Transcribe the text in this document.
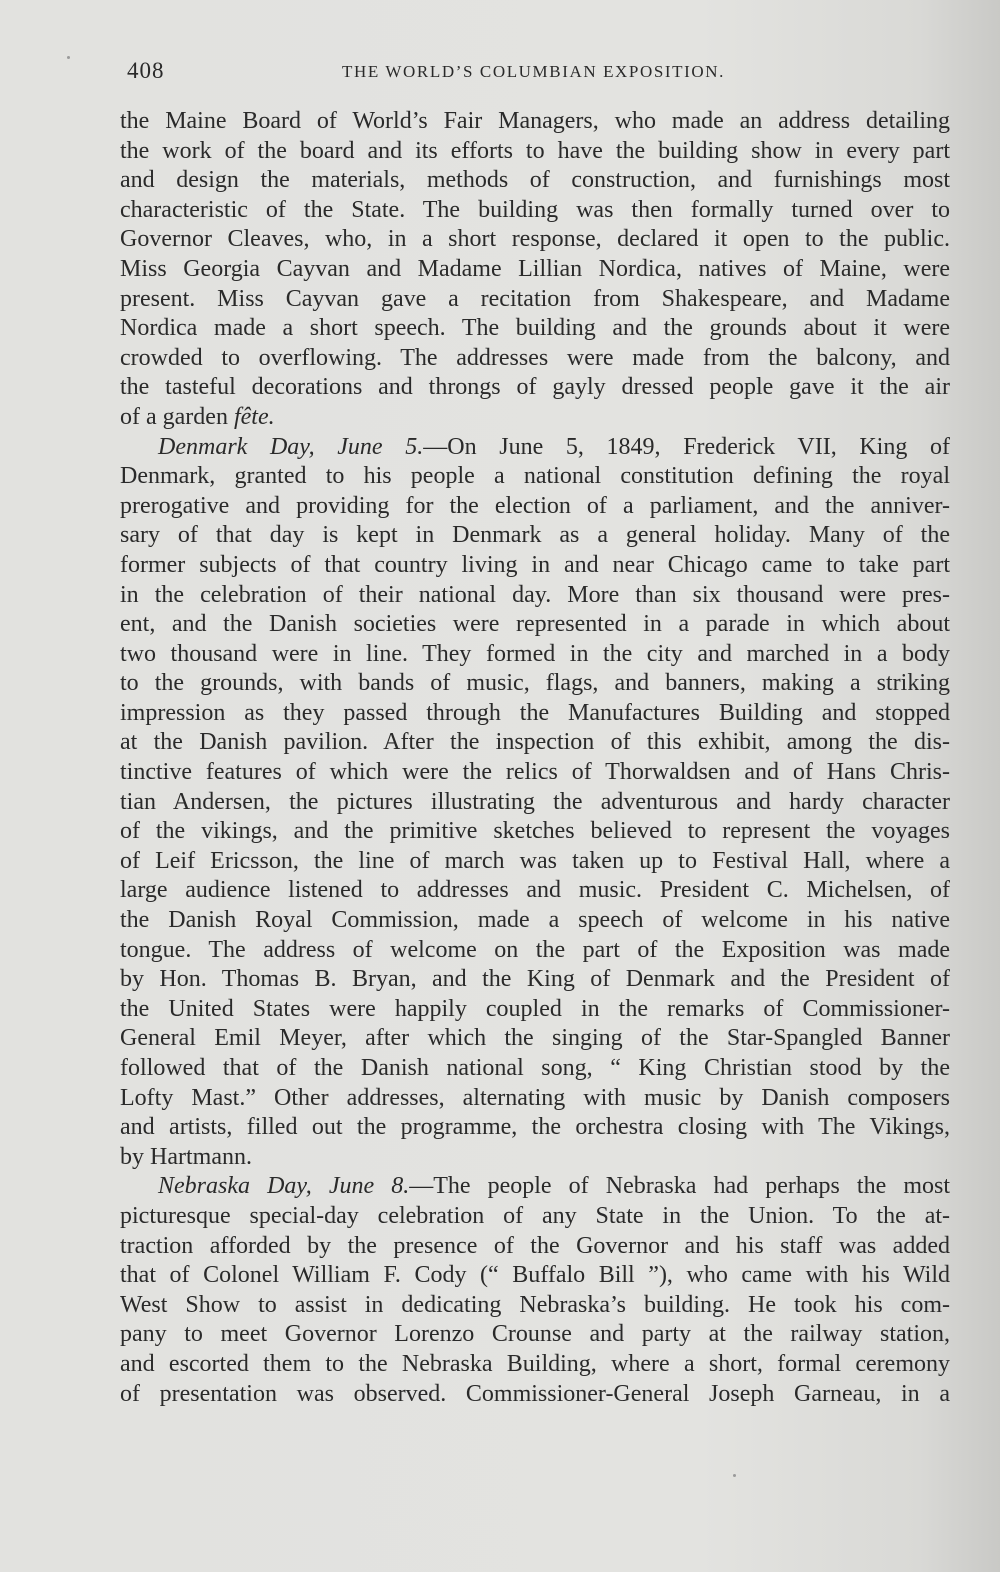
408	THE WORLD’S COLUMBIAN EXPOSITION.
the Maine Board of World’s Fair Managers, who made an address detailing
the work of the board and its efforts to have the building show in every part
and design the materials, methods of construction, and furnishings most
characteristic of the State. The building was then formally turned over to
Governor Cleaves, who, in a short response, declared it open to the public.
Miss Georgia Cayvan and Madame Lillian Nordica, natives of Maine, were
present. Miss Cayvan gave a recitation from Shakespeare, and Madame
Nordica made a short speech. The building and the grounds about it were
crowded to overflowing. The addresses were made from the balcony, and
the tasteful decorations and throngs of gayly dressed people gave it the air
of a garden fête.
Denmark Day, June 5.—On June 5, 1849, Frederick VII, King of
Denmark, granted to his people a national constitution defining the royal
prerogative and providing for the election of a parliament, and the anniver-
sary of that day is kept in Denmark as a general holiday. Many of the
former subjects of that country living in and near Chicago came to take part
in the celebration of their national day. More than six thousand were pres-
ent, and the Danish societies were represented in a parade in which about
two thousand were in line. They formed in the city and marched in a body
to the grounds, with bands of music, flags, and banners, making a striking
impression as they passed through the Manufactures Building and stopped
at the Danish pavilion. After the inspection of this exhibit, among the dis-
tinctive features of which were the relics of Thorwaldsen and of Hans Chris-
tian Andersen, the pictures illustrating the adventurous and hardy character
of the vikings, and the primitive sketches believed to represent the voyages
of Leif Ericsson, the line of march was taken up to Festival Hall, where a
large audience listened to addresses and music. President C. Michelsen, of
the Danish Royal Commission, made a speech of welcome in his native
tongue. The address of welcome on the part of the Exposition was made
by Hon. Thomas B. Bryan, and the King of Denmark and the President of
the United States were happily coupled in the remarks of Commissioner-
General Emil Meyer, after which the singing of the Star-Spangled Banner
followed that of the Danish national song, “ King Christian stood by the
Lofty Mast.” Other addresses, alternating with music by Danish composers
and artists, filled out the programme, the orchestra closing with The Vikings,
by Hartmann.
Nebraska Day, June 8.—The people of Nebraska had perhaps the most
picturesque special-day celebration of any State in the Union. To the at-
traction afforded by the presence of the Governor and his staff was added
that of Colonel William F. Cody (“ Buffalo Bill ”), who came with his Wild
West Show to assist in dedicating Nebraska’s building. He took his com-
pany to meet Governor Lorenzo Crounse and party at the railway station,
and escorted them to the Nebraska Building, where a short, formal ceremony
of presentation was observed. Commissioner-General Joseph Garneau, in a
